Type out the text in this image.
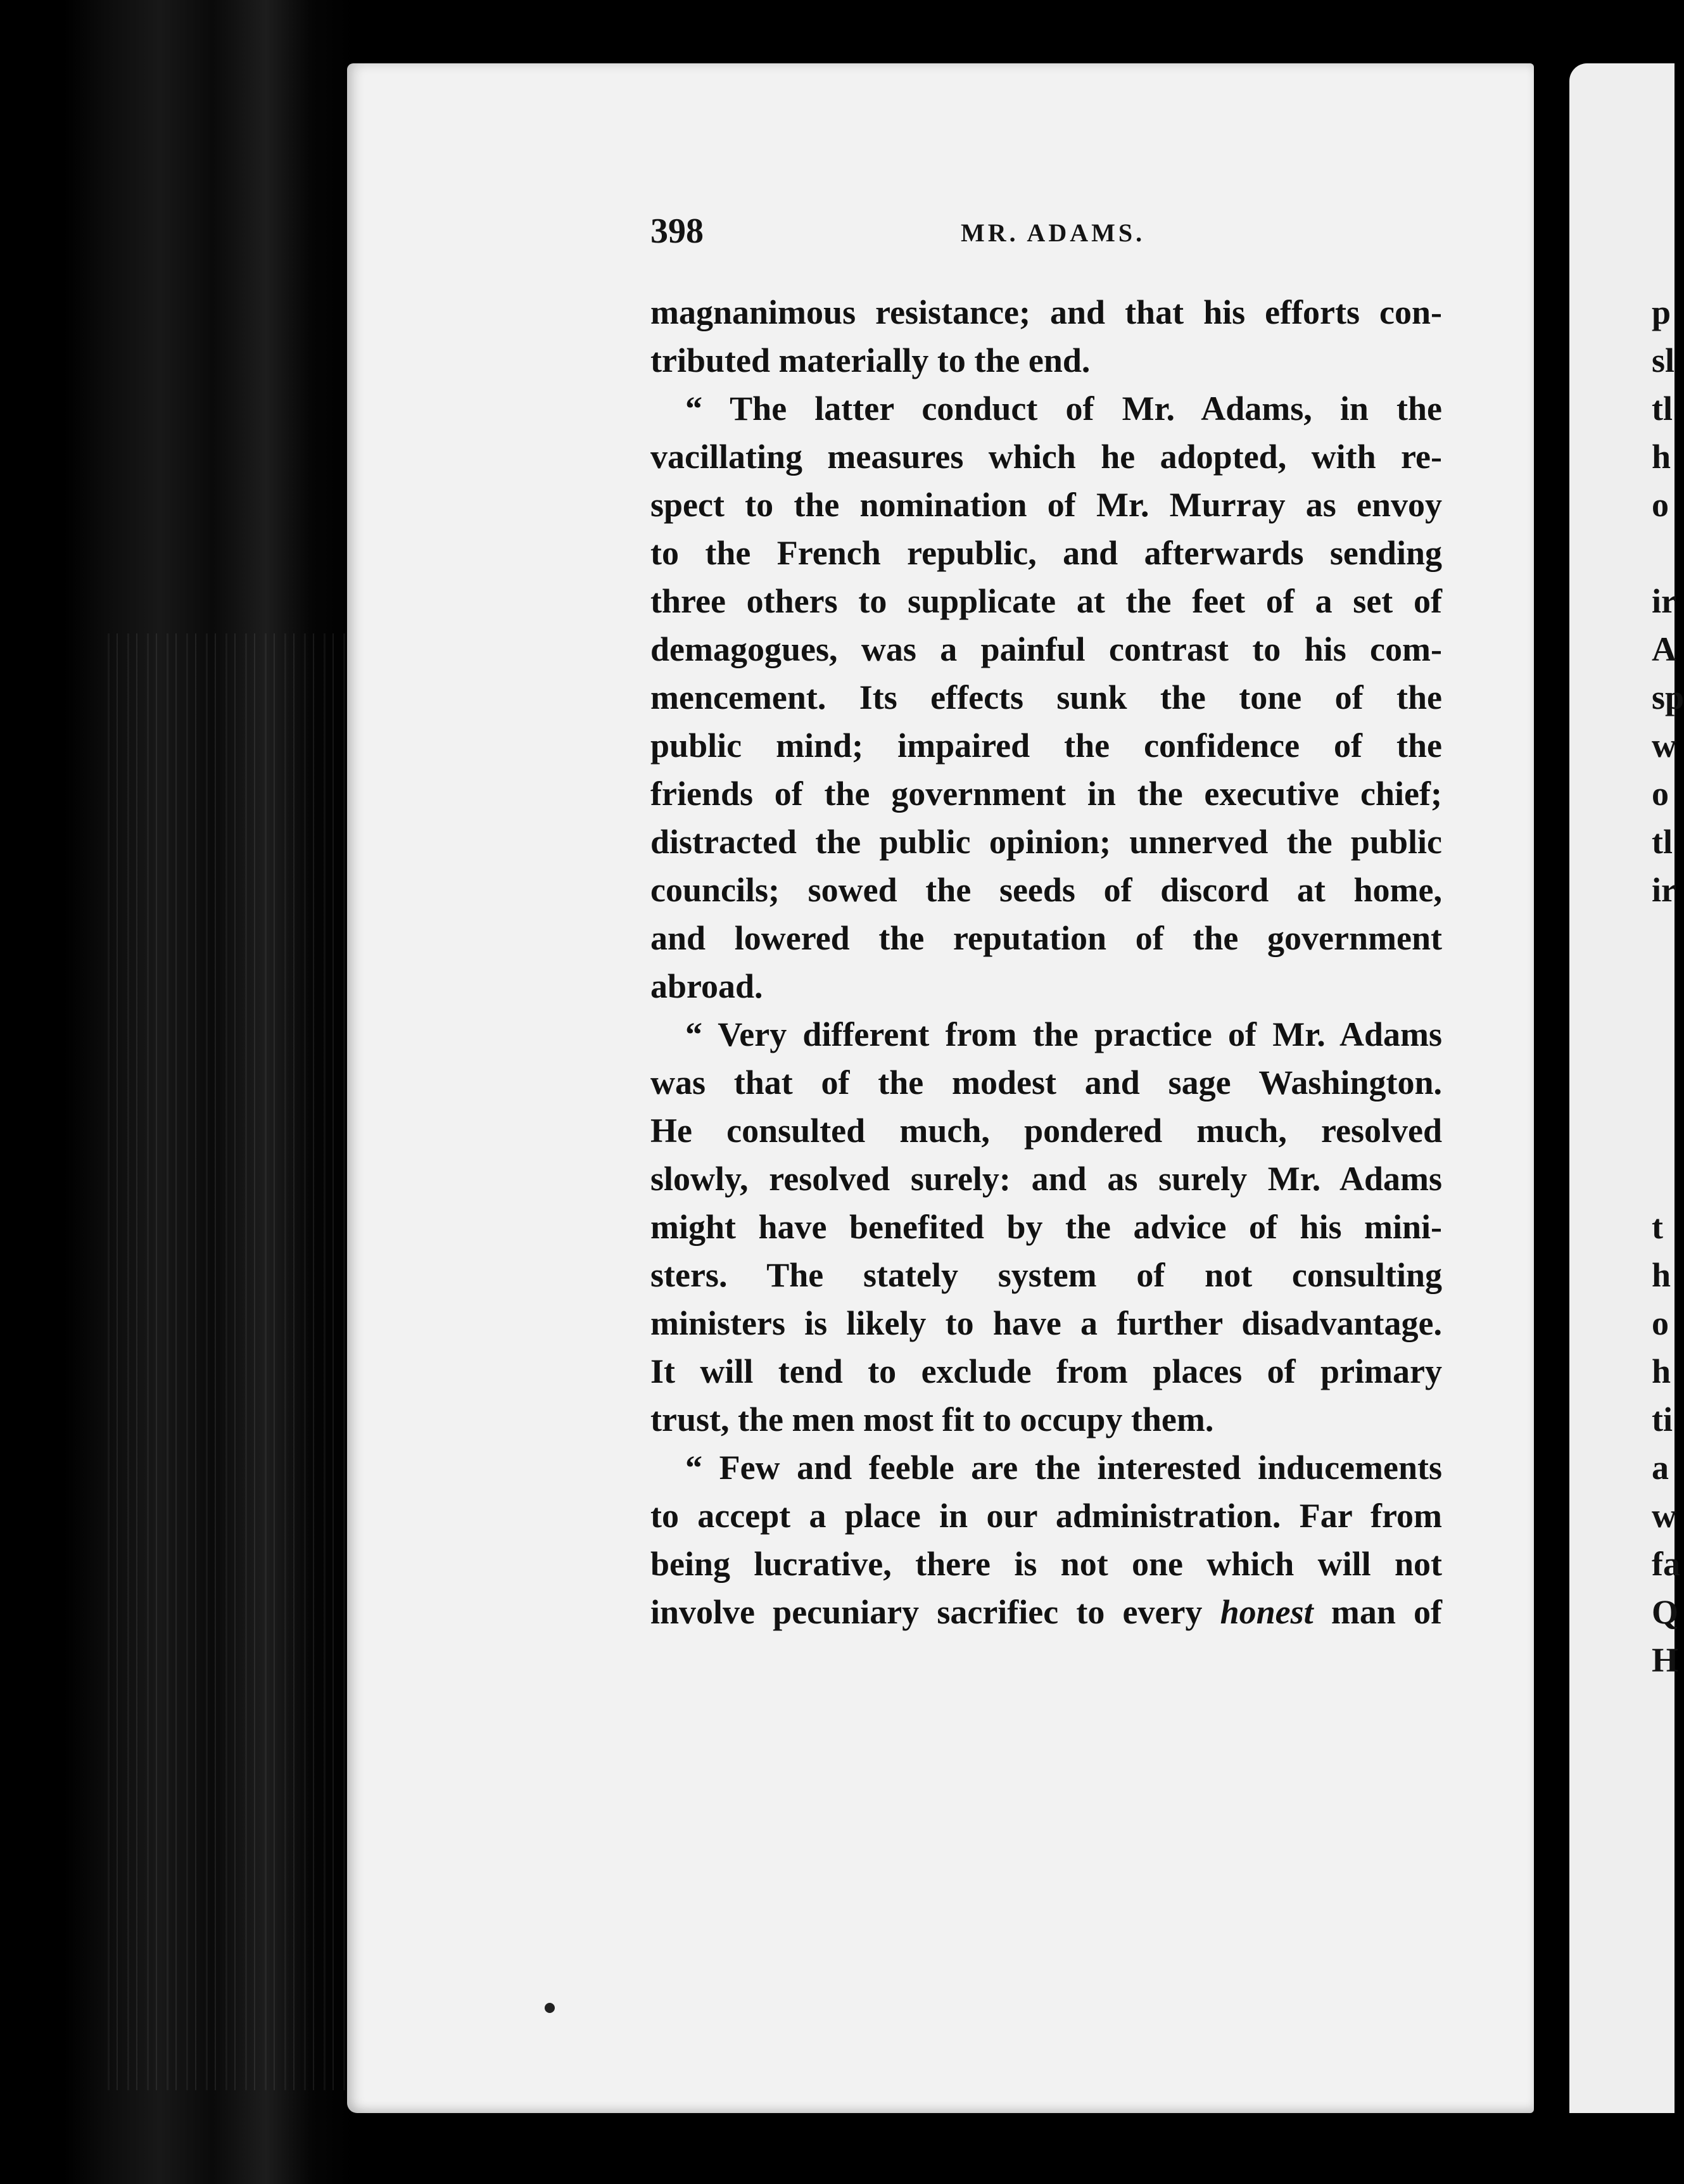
398	MR. ADAMS.
magnanimous resistance; and that his efforts con-
tributed materially to the end.
“ The latter conduct of Mr. Adams, in the
vacillating measures which he adopted, with re-
spect to the nomination of Mr. Murray as envoy
to the French republic, and afterwards sending
three others to supplicate at the feet of a set of
demagogues, was a painful contrast to his com-
mencement. Its effects sunk the tone of the
public mind; impaired the confidence of the
friends of the government in the executive chief;
distracted the public opinion; unnerved the public
councils; sowed the seeds of discord at home,
and lowered the reputation of the government
abroad.
“ Very different from the practice of Mr. Adams
was that of the modest and sage Washington.
He consulted much, pondered much, resolved
slowly, resolved surely: and as surely Mr. Adams
might have benefited by the advice of his mini-
sters. The stately system of not consulting
ministers is likely to have a further disadvantage.
It will tend to exclude from places of primary
trust, the men most fit to occupy them.
“ Few and feeble are the interested inducements
to accept a place in our administration. Far from
being lucrative, there is not one which will not
involve pecuniary sacrifiec to every honest man of
p
sl
tl
h
o
ir
A
sp
w
o
tl
ir
t
h
o
h
ti
a
w
fa
Q
H
